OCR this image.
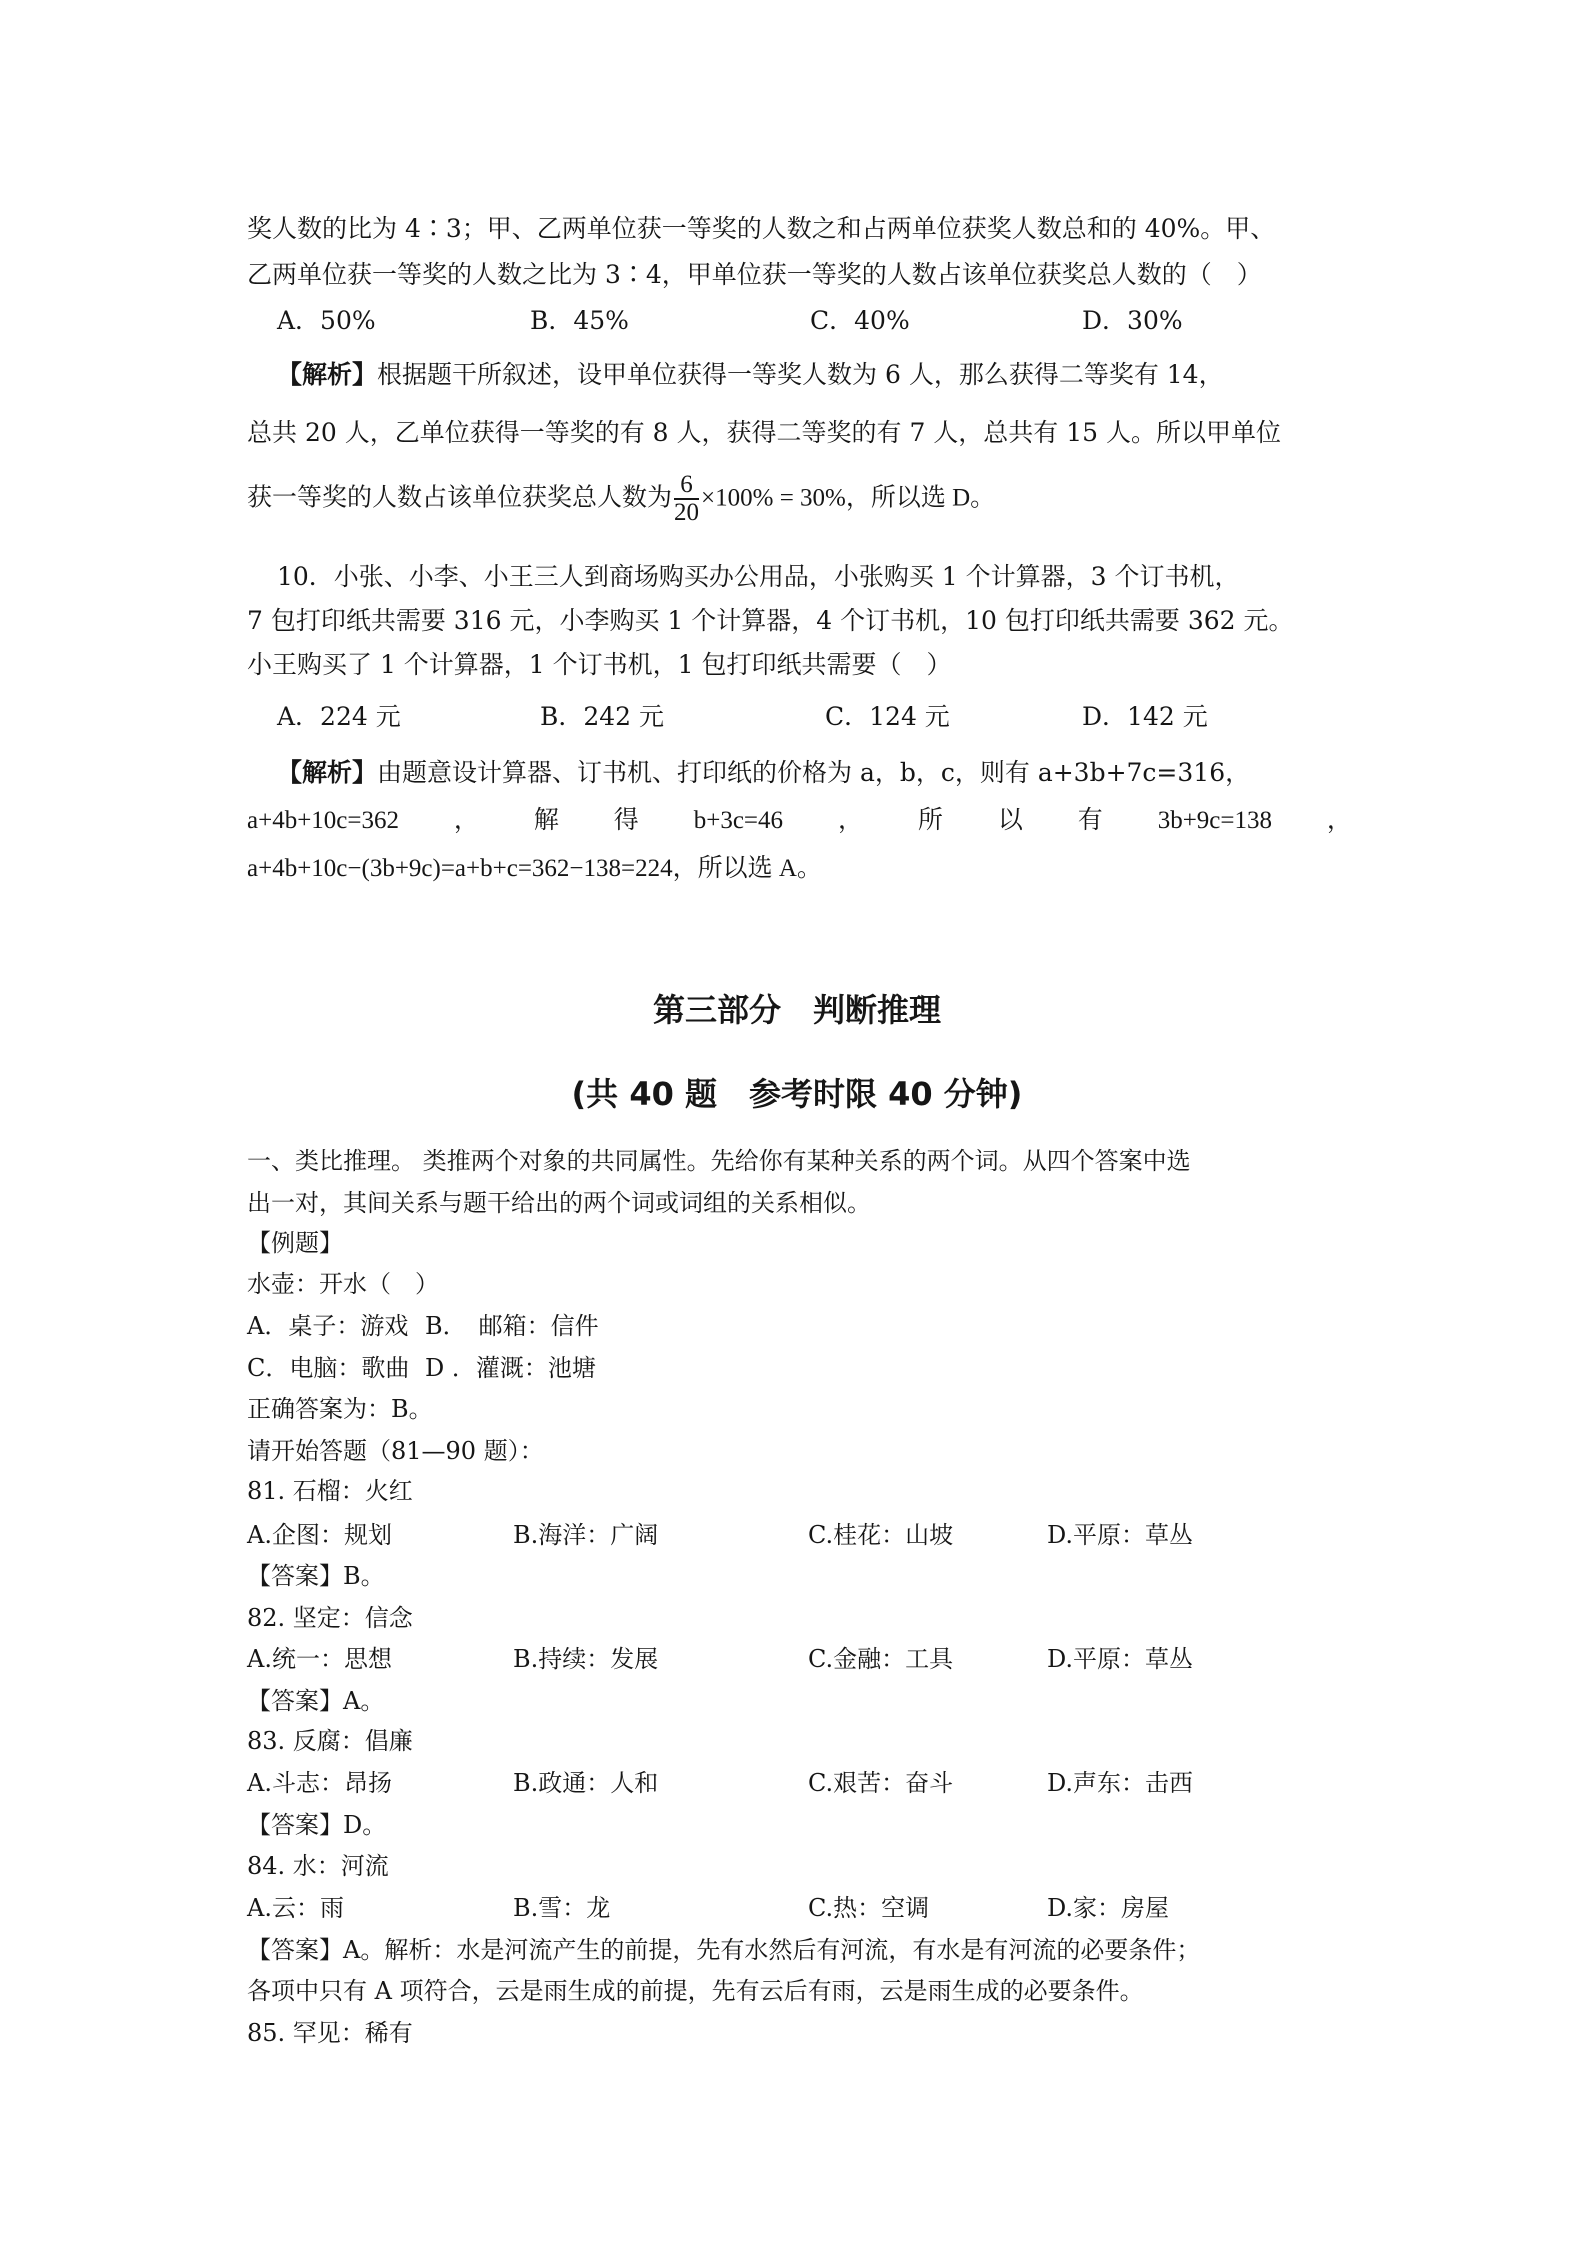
奖人数的比为 4∶3；甲、乙两单位获一等奖的人数之和占两单位获奖人数总和的 40%。甲、
乙两单位获一等奖的人数之比为 3∶4，甲单位获一等奖的人数占该单位获奖总人数的（　）
A．50%	B．45%	C．40%	D．30%
【解析】根据题干所叙述，设甲单位获得一等奖人数为 6 人，那么获得二等奖有 14，
总共 20 人，乙单位获得一等奖的有 8 人，获得二等奖的有 7 人，总共有 15 人。所以甲单位
获一等奖的人数占该单位获奖总人数为 $\frac{6}{20} \times 100\% = 30\%$，所以选 D。
10．小张、小李、小王三人到商场购买办公用品，小张购买 1 个计算器，3 个订书机，
7 包打印纸共需要 316 元，小李购买 1 个计算器，4 个订书机，10 包打印纸共需要 362 元。
小王购买了 1 个计算器，1 个订书机，1 包打印纸共需要（　）
A．224 元	B．242 元	C．124 元	D．142 元
【解析】由题意设计算器、订书机、打印纸的价格为 a，b，c，则有 a+3b+7c=316，
a+4b+10c=362 ， 解 得 b+3c=46 ， 所 以 有 3b+9c=138 ，
a+4b+10c−(3b+9c)=a+b+c=362−138=224，所以选 A。
第三部分　判断推理
(共 40 题　参考时限 40 分钟)
一、类比推理。 类推两个对象的共同属性。先给你有某种关系的两个词。从四个答案中选
出一对，其间关系与题干给出的两个词或词组的关系相似。
【例题】
水壶：开水（　）
A．桌子：游戏 B．　邮箱：信件
C．电脑：歌曲 D ．灌溉：池塘
正确答案为：B。
请开始答题（81—90 题）：
81. 石榴：火红
A.企图：规划	B.海洋：广阔	C.桂花：山坡	D.平原：草丛
【答案】B。
82. 坚定：信念
A.统一：思想	B.持续：发展	C.金融：工具	D.平原：草丛
【答案】A。
83. 反腐：倡廉
A.斗志：昂扬	B.政通：人和	C.艰苦：奋斗	D.声东：击西
【答案】D。
84. 水：河流
A.云：雨	B.雪：龙	C.热：空调	D.家：房屋
【答案】A。解析：水是河流产生的前提，先有水然后有河流，有水是有河流的必要条件；
各项中只有 A 项符合，云是雨生成的前提，先有云后有雨，云是雨生成的必要条件。
85. 罕见：稀有
